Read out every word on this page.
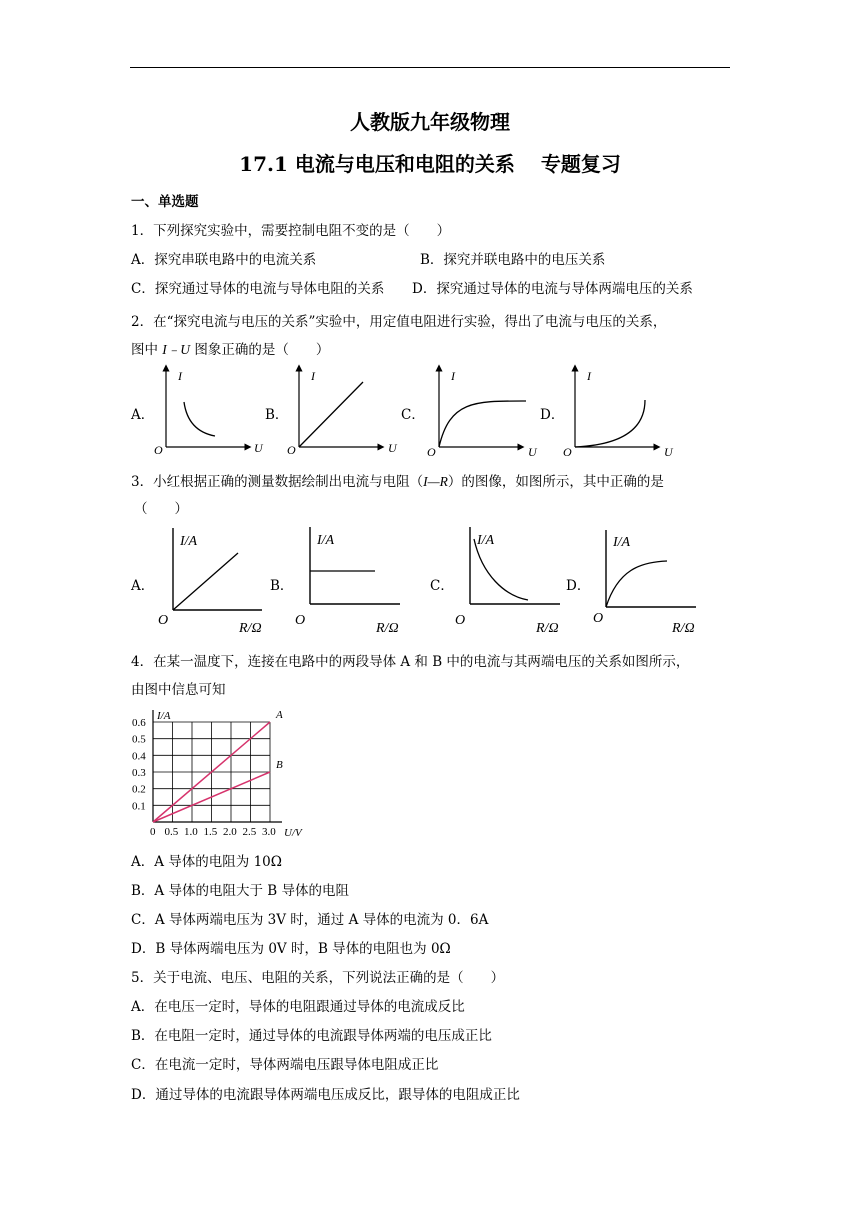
人教版九年级物理
17.1 电流与电压和电阻的关系 专题复习
一、单选题
1．下列探究实验中，需要控制电阻不变的是（　　）
A．探究串联电路中的电流关系	B．探究并联电路中的电压关系
C．探究通过导体的电流与导体电阻的关系 D．探究通过导体的电流与导体两端电压的关系
2．在“探究电流与电压的关系”实验中，用定值电阻进行实验，得出了电流与电压的关系，
图中 I﹣U 图象正确的是（　　）
A．	B．	C．	D．
I
U
O
I
U
O
I
U
O
I
U
O
3．小红根据正确的测量数据绘制出电流与电阻（I—R）的图像，如图所示，其中正确的是
（　　）
A．	B．	C．	D．
I/A
R/Ω
O
I/A
R/Ω
O
I/A
R/Ω
O
I/A
R/Ω
O
4．在某一温度下，连接在电路中的两段导体 A 和 B 中的电流与其两端电压的关系如图所示，
由图中信息可知
A
B
0 0.5 1.0 1.5 2.0 2.5 3.0
0.1
0.2
0.3
0.4
0.5
0.6
I/A
U/V
A．A 导体的电阻为 10Ω
B．A 导体的电阻大于 B 导体的电阻
C．A 导体两端电压为 3V 时，通过 A 导体的电流为 0．6A
D．B 导体两端电压为 0V 时，B 导体的电阻也为 0Ω
5．关于电流、电压、电阻的关系，下列说法正确的是（　　）
A．在电压一定时，导体的电阻跟通过导体的电流成反比
B．在电阻一定时，通过导体的电流跟导体两端的电压成正比
C．在电流一定时，导体两端电压跟导体电阻成正比
D．通过导体的电流跟导体两端电压成反比，跟导体的电阻成正比
